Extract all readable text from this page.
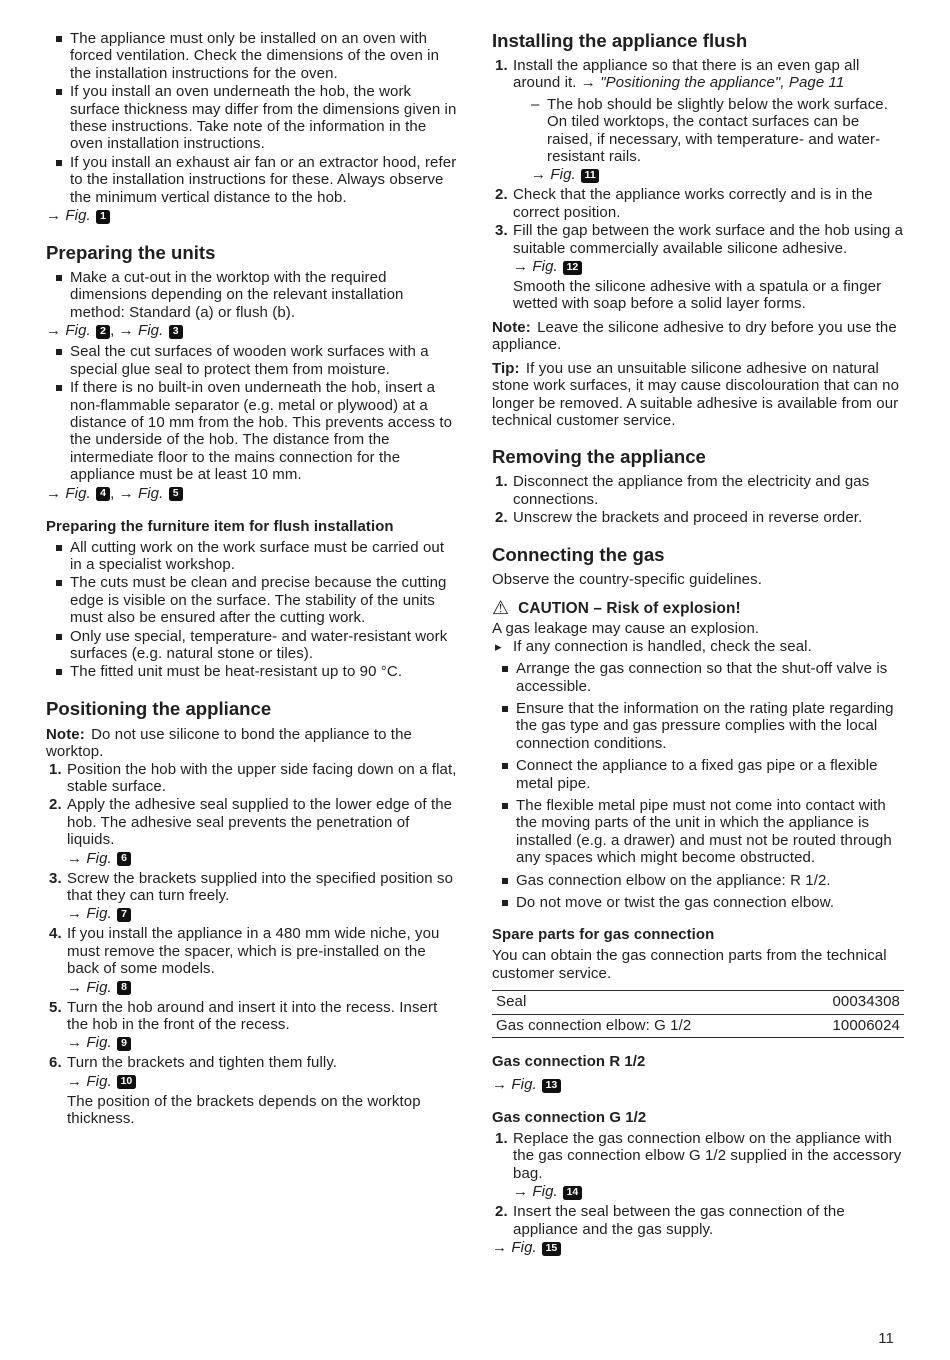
The appliance must only be installed on an oven with forced ventilation. Check the dimensions of the oven in the installation instructions for the oven.
If you install an oven underneath the hob, the work surface thickness may differ from the dimensions given in these instructions. Take note of the information in the oven installation instructions.
If you install an exhaust air fan or an extractor hood, refer to the installation instructions for these. Always observe the minimum vertical distance to the hob.
→ Fig. 1
Preparing the units
Make a cut-out in the worktop with the required dimensions depending on the relevant installation method: Standard (a) or flush (b).
→ Fig. 2 , → Fig. 3
Seal the cut surfaces of wooden work surfaces with a special glue seal to protect them from moisture.
If there is no built-in oven underneath the hob, insert a non-flammable separator (e.g. metal or plywood) at a distance of 10 mm from the hob. This prevents access to the underside of the hob. The distance from the intermediate floor to the mains connection for the appliance must be at least 10 mm.
→ Fig. 4 , → Fig. 5
Preparing the furniture item for flush installation
All cutting work on the work surface must be carried out in a specialist workshop.
The cuts must be clean and precise because the cutting edge is visible on the surface. The stability of the units must also be ensured after the cutting work.
Only use special, temperature- and water-resistant work surfaces (e.g. natural stone or tiles).
The fitted unit must be heat-resistant up to 90 °C.
Positioning the appliance
Note: Do not use silicone to bond the appliance to the worktop.
1. Position the hob with the upper side facing down on a flat, stable surface.
2. Apply the adhesive seal supplied to the lower edge of the hob. The adhesive seal prevents the penetration of liquids.
→ Fig. 6
3. Screw the brackets supplied into the specified position so that they can turn freely.
→ Fig. 7
4. If you install the appliance in a 480 mm wide niche, you must remove the spacer, which is pre-installed on the back of some models.
→ Fig. 8
5. Turn the hob around and insert it into the recess. Insert the hob in the front of the recess.
→ Fig. 9
6. Turn the brackets and tighten them fully.
→ Fig. 10
The position of the brackets depends on the worktop thickness.
Installing the appliance flush
1. Install the appliance so that there is an even gap all around it. → "Positioning the appliance", Page 11
– The hob should be slightly below the work surface. On tiled worktops, the contact surfaces can be raised, if necessary, with temperature- and water-resistant rails.
→ Fig. 11
2. Check that the appliance works correctly and is in the correct position.
3. Fill the gap between the work surface and the hob using a suitable commercially available silicone adhesive.
→ Fig. 12
Smooth the silicone adhesive with a spatula or a finger wetted with soap before a solid layer forms.
Note: Leave the silicone adhesive to dry before you use the appliance.
Tip: If you use an unsuitable silicone adhesive on natural stone work surfaces, it may cause discolouration that can no longer be removed. A suitable adhesive is available from our technical customer service.
Removing the appliance
1. Disconnect the appliance from the electricity and gas connections.
2. Unscrew the brackets and proceed in reverse order.
Connecting the gas
Observe the country-specific guidelines.
⚠ CAUTION – Risk of explosion!
A gas leakage may cause an explosion.
▸ If any connection is handled, check the seal.
Arrange the gas connection so that the shut-off valve is accessible.
Ensure that the information on the rating plate regarding the gas type and gas pressure complies with the local connection conditions.
Connect the appliance to a fixed gas pipe or a flexible metal pipe.
The flexible metal pipe must not come into contact with the moving parts of the unit in which the appliance is installed (e.g. a drawer) and must not be routed through any spaces which might become obstructed.
Gas connection elbow on the appliance: R 1/2.
Do not move or twist the gas connection elbow.
Spare parts for gas connection
You can obtain the gas connection parts from the technical customer service.
Seal	00034308
Gas connection elbow: G 1/2	10006024
Gas connection R 1/2
→ Fig. 13
Gas connection G 1/2
1. Replace the gas connection elbow on the appliance with the gas connection elbow G 1/2 supplied in the accessory bag.
→ Fig. 14
2. Insert the seal between the gas connection of the appliance and the gas supply.
→ Fig. 15
11
